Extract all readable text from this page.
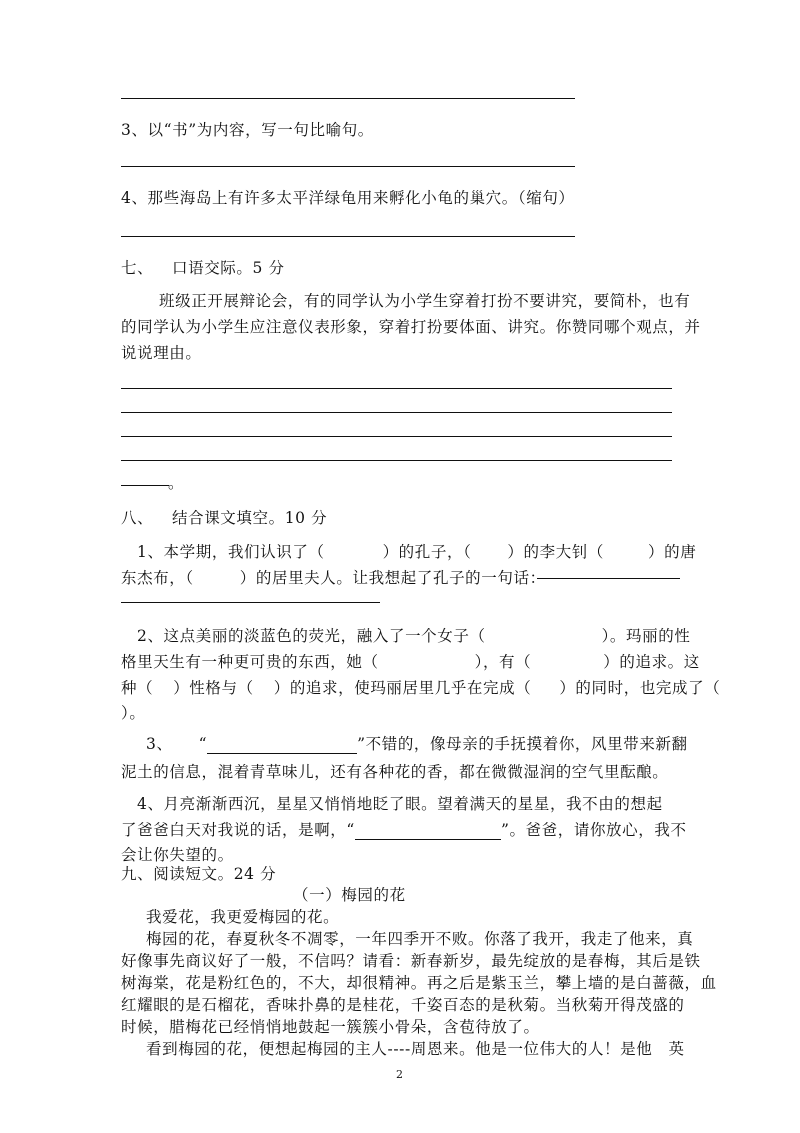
3、以“书”为内容，写一句比喻句。
4、那些海岛上有许多太平洋绿龟用来孵化小龟的巢穴。（缩句）
七、 口语交际。5 分
班级正开展辩论会，有的同学认为小学生穿着打扮不要讲究，要简朴，也有
的同学认为小学生应注意仪表形象，穿着打扮要体面、讲究。你赞同哪个观点，并
说说理由。
。
八、 结合课文填空。10 分
1、本学期，我们认识了（	）的孔子，（ ）的李大钊（	）的唐
东杰布，（	）的居里夫人。让我想起了孔子的一句话：
2、这点美丽的淡蓝色的荧光，融入了一个女子（	）。玛丽的性
格里天生有一种更可贵的东西，她（	），有（	）的追求。这
种（ ）性格与（ ）的追求，使玛丽居里几乎在完成（ ）的同时，也完成了（
）。
3、 “	”不错的，像母亲的手抚摸着你，风里带来新翻
泥土的信息，混着青草味儿，还有各种花的香，都在微微湿润的空气里酝酿。
4、月亮渐渐西沉，星星又悄悄地眨了眼。望着满天的星星，我不由的想起
了爸爸白天对我说的话，是啊，“	”。爸爸，请你放心，我不
会让你失望的。
九、阅读短文。24 分
（一）梅园的花
我爱花，我更爱梅园的花。
梅园的花，春夏秋冬不凋零，一年四季开不败。你落了我开，我走了他来，真
好像事先商议好了一般，不信吗？请看：新春新岁，最先绽放的是春梅，其后是铁
树海棠，花是粉红色的，不大，却很精神。再之后是紫玉兰，攀上墙的是白蔷薇，血
红耀眼的是石榴花，香味扑鼻的是桂花，千姿百态的是秋菊。当秋菊开得茂盛的
时候，腊梅花已经悄悄地鼓起一簇簇小骨朵，含苞待放了。
看到梅园的花，便想起梅园的主人----周恩来。他是一位伟大的人！是他　英
2
